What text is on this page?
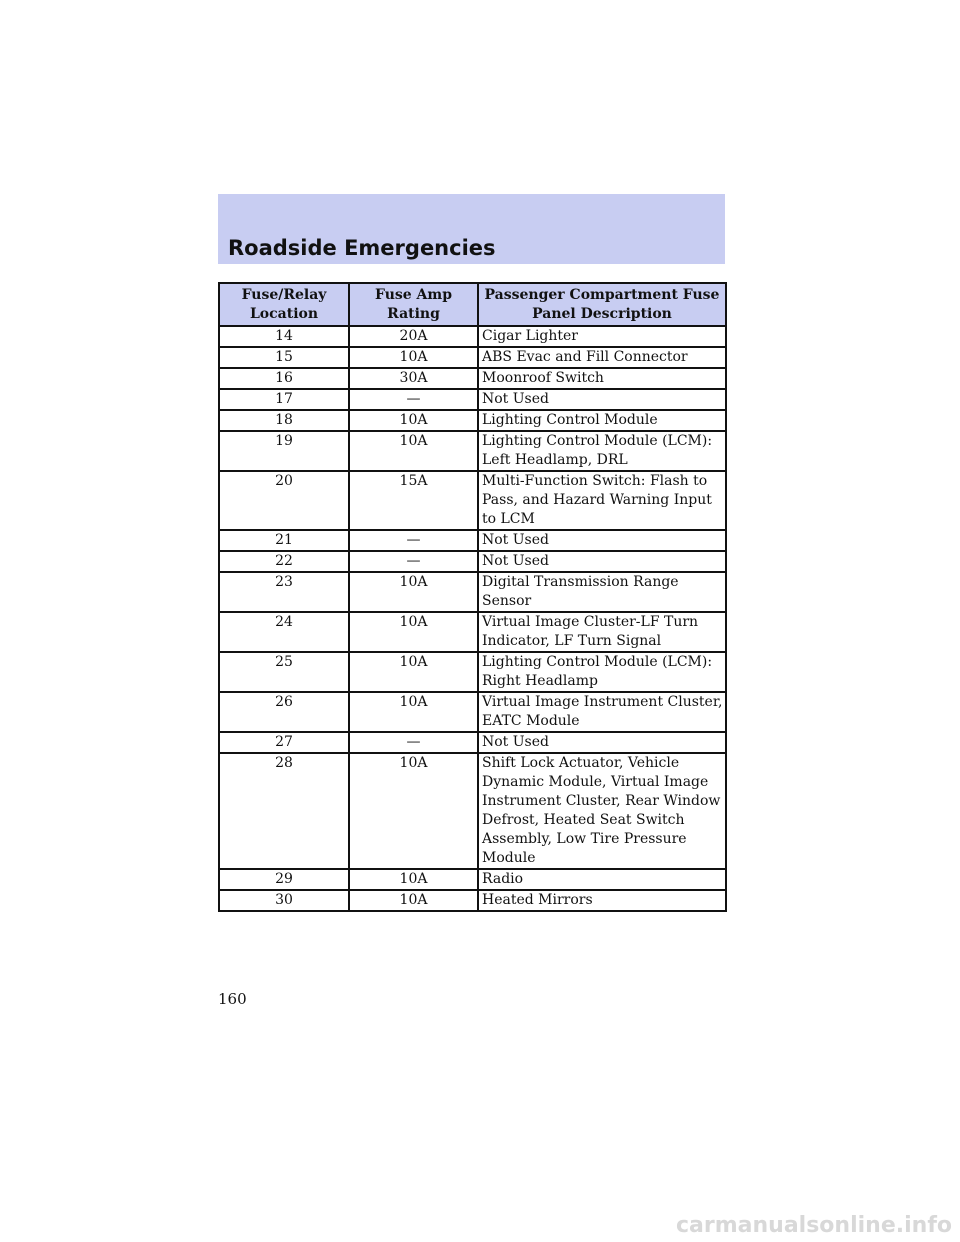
Roadside Emergencies
Fuse/Relay Location	Fuse Amp Rating	Passenger Compartment Fuse Panel Description
14	20A	Cigar Lighter
15	10A	ABS Evac and Fill Connector
16	30A	Moonroof Switch
17	—	Not Used
18	10A	Lighting Control Module
19	10A	Lighting Control Module (LCM): Left Headlamp, DRL
20	15A	Multi-Function Switch: Flash to Pass, and Hazard Warning Input to LCM
21	—	Not Used
22	—	Not Used
23	10A	Digital Transmission Range Sensor
24	10A	Virtual Image Cluster-LF Turn Indicator, LF Turn Signal
25	10A	Lighting Control Module (LCM): Right Headlamp
26	10A	Virtual Image Instrument Cluster, EATC Module
27	—	Not Used
28	10A	Shift Lock Actuator, Vehicle Dynamic Module, Virtual Image Instrument Cluster, Rear Window Defrost, Heated Seat Switch Assembly, Low Tire Pressure Module
29	10A	Radio
30	10A	Heated Mirrors
160
carmanualsonline.info
